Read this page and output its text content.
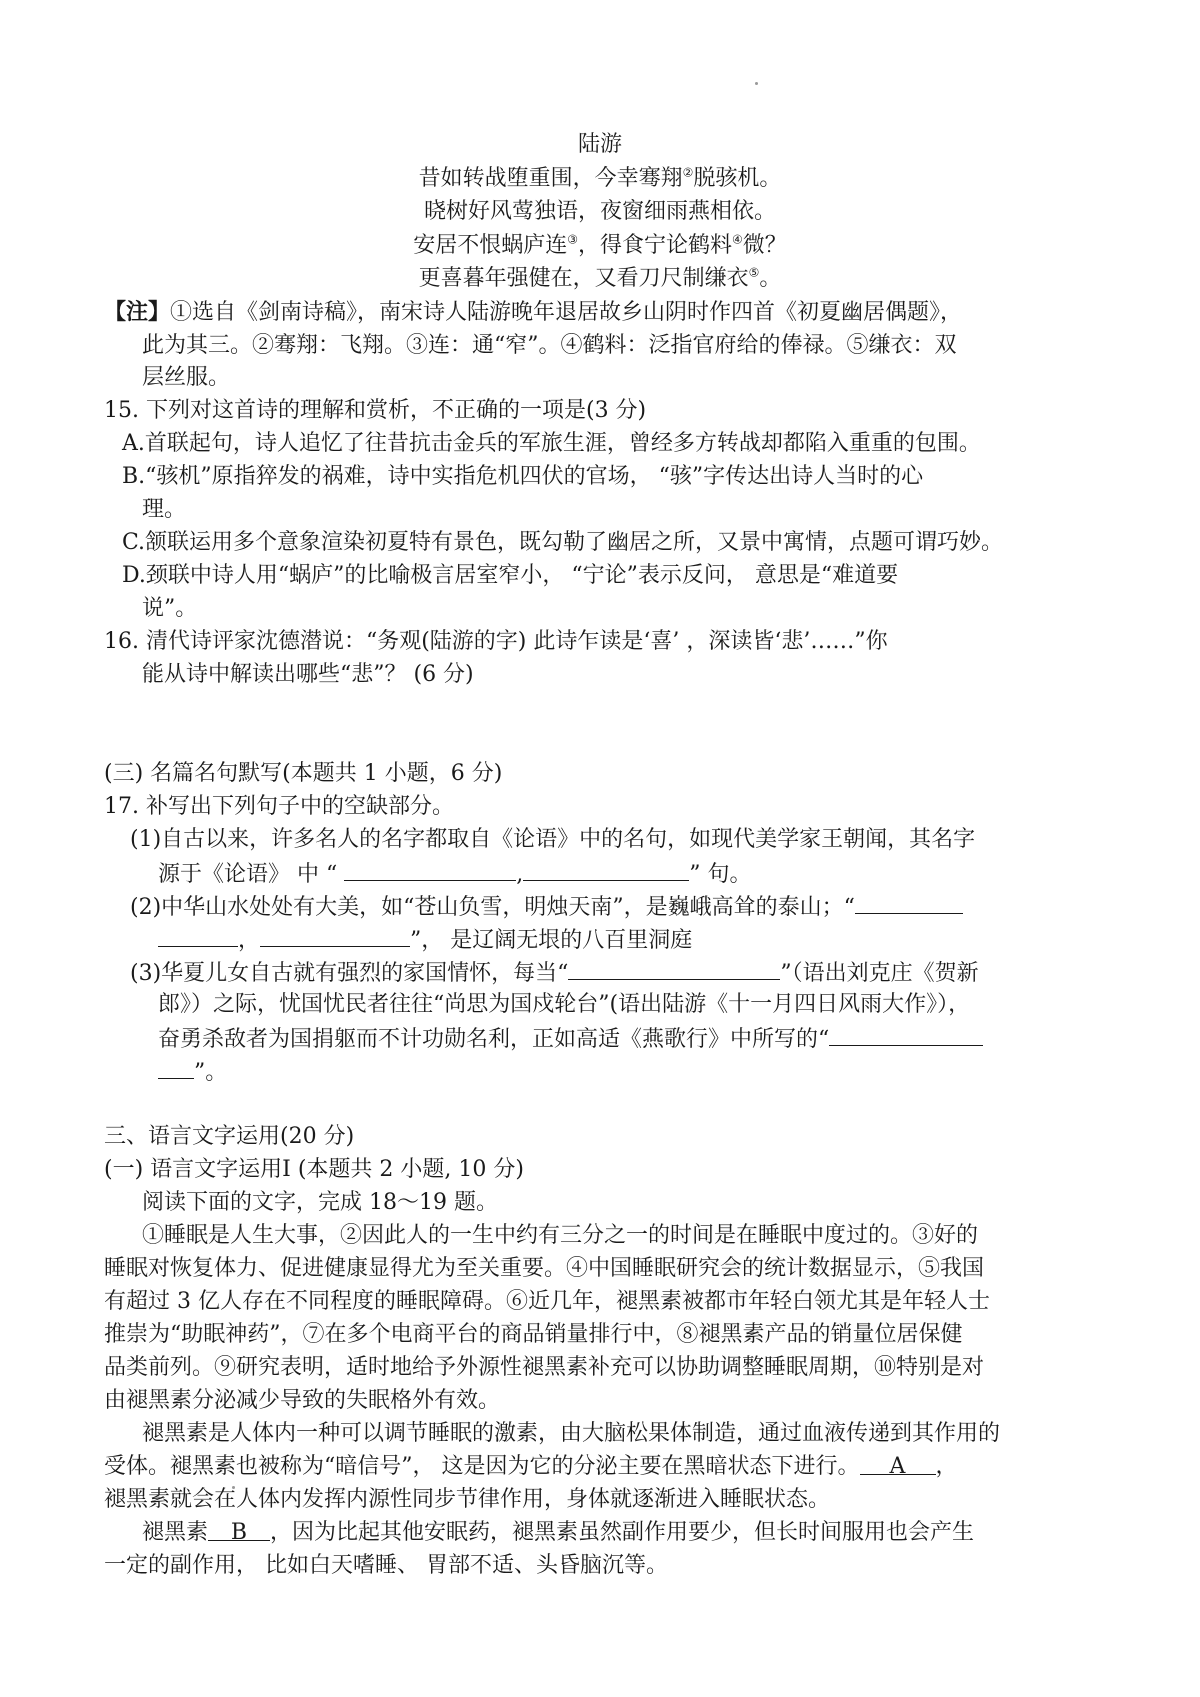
陆游
昔如转战堕重围，今幸骞翔②脱骇机。
晓树好风莺独语，夜窗细雨燕相依。
安居不恨蜗庐连③，得食宁论鹤料④微？
更喜暮年强健在，又看刀尺制缣衣⑤。
【注】①选自《剑南诗稿》，南宋诗人陆游晚年退居故乡山阴时作四首《初夏幽居偶题》，
此为其三。②骞翔：飞翔。③连：通“窄”。④鹤料：泛指官府给的俸禄。⑤缣衣：双
层丝服。
15. 下列对这首诗的理解和赏析，不正确的一项是(3 分)
A.首联起句，诗人追忆了往昔抗击金兵的军旅生涯，曾经多方转战却都陷入重重的包围。
B.“骇机”原指猝发的祸难，诗中实指危机四伏的官场， “骇”字传达出诗人当时的心
理。
C.颔联运用多个意象渲染初夏特有景色，既勾勒了幽居之所，又景中寓情，点题可谓巧妙。
D.颈联中诗人用“蜗庐”的比喻极言居室窄小， “宁论”表示反问， 意思是“难道要
说”。
16. 清代诗评家沈德潜说：“务观(陆游的字) 此诗乍读是‘喜’ ，深读皆‘悲’……”你
能从诗中解读出哪些“悲”？ (6 分)
(三) 名篇名句默写(本题共 1 小题，6 分)
17. 补写出下列句子中的空缺部分。
(1)自古以来，许多名人的名字都取自《论语》中的名句，如现代美学家王朝闻，其名字
源于《论语》 中 “	,	” 句。
(2)中华山水处处有大美，如“苍山负雪，明烛天南”，是巍峨高耸的泰山；“
，	”， 是辽阔无垠的八百里洞庭
(3)华夏儿女自古就有强烈的家国情怀，每当“	”（语出刘克庄《贺新
郎》）之际，忧国忧民者往往“尚思为国戍轮台”(语出陆游《十一月四日风雨大作》），
奋勇杀敌者为国捐躯而不计功勋名利，正如高适《燕歌行》中所写的“
”。
三、语言文字运用(20 分)
(一) 语言文字运用Ⅰ (本题共 2 小题, 10 分)
阅读下面的文字，完成 18～19 题。
①睡眠是人生大事，②因此人的一生中约有三分之一的时间是在睡眠中度过的。③好的
睡眠对恢复体力、促进健康显得尤为至关重要。④中国睡眠研究会的统计数据显示，⑤我国
有超过 3 亿人存在不同程度的睡眠障碍。⑥近几年，褪黑素被都市年轻白领尤其是年轻人士
推崇为“助眠神药”，⑦在多个电商平台的商品销量排行中，⑧褪黑素产品的销量位居保健
品类前列。⑨研究表明，适时地给予外源性褪黑素补充可以协助调整睡眠周期，⑩特别是对
由褪黑素分泌减少导致的失眠格外有效。
褪黑素是人体内一种可以调节睡眠的激素，由大脑松果体制造，通过血液传递到其作用的
受体。褪黑素也被称为“暗信号”， 这是因为它的分泌主要在黑暗状态下进行。 A ，
褪黑素就会在人体内发挥内源性同步节律作用，身体就逐渐进入睡眠状态。
褪黑素 B ，因为比起其他安眠药，褪黑素虽然副作用要少，但长时间服用也会产生
一定的副作用， 比如白天嗜睡、 胃部不适、头昏脑沉等。
